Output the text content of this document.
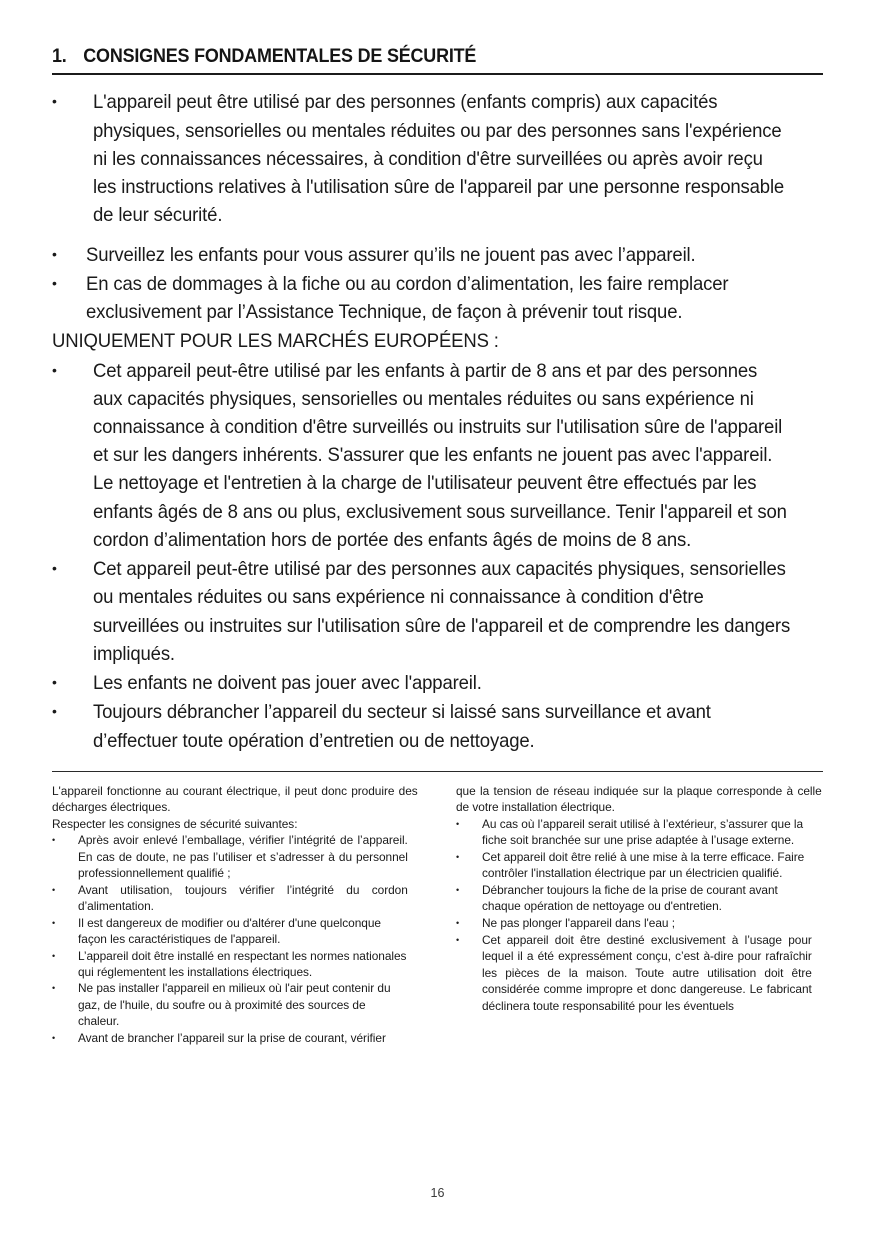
1. CONSIGNES FONDAMENTALES DE SÉCURITÉ
•	L'appareil peut être utilisé par des personnes (enfants compris) aux capacités physiques, sensorielles ou mentales réduites ou par des personnes sans l'expérience ni les connaissances nécessaires, à condition d'être surveillées ou après avoir reçu les instructions relatives à l'utilisation sûre de l'appareil par une personne responsable de leur sécurité.
•	Surveillez les enfants pour vous assurer qu’ils ne jouent pas avec l’appareil.
•	En cas de dommages à la fiche ou au cordon d’alimentation, les faire remplacer exclusivement par l’Assistance Technique, de façon à prévenir tout risque.
UNIQUEMENT POUR LES MARCHÉS EUROPÉENS :
•	Cet appareil peut-être utilisé par les enfants à partir de 8 ans et par des personnes aux capacités physiques, sensorielles ou mentales réduites ou sans expérience ni connaissance à condition d'être surveillés ou instruits sur l'utilisation sûre de l'appareil et sur les dangers inhérents. S'assurer que les enfants ne jouent pas avec l'appareil. Le nettoyage et l'entretien à la charge de l'utilisateur peuvent être effectués par les enfants âgés de 8 ans ou plus, exclusivement sous surveillance. Tenir l'appareil et son cordon d’alimentation hors de portée des enfants âgés de moins de 8 ans.
•	Cet appareil peut-être utilisé par des personnes aux capacités physiques, sensorielles ou mentales réduites ou sans expérience ni connaissance à condition d'être surveillées ou instruites sur l'utilisation sûre de l'appareil et de comprendre les dangers impliqués.
•	Les enfants ne doivent pas jouer avec l'appareil.
•	Toujours débrancher l’appareil du secteur si laissé sans surveillance et avant d’effectuer toute opération d’entretien ou de nettoyage.

L'appareil fonctionne au courant électrique, il peut donc produire des décharges électriques.

Respecter les consignes de sécurité suivantes:

•	Après avoir enlevé l’emballage, vérifier l’intégrité de l’appareil. En cas de doute, ne pas l’utiliser et s’adresser à du personnel professionnellement qualifié ;
•	Avant utilisation, toujours vérifier l’intégrité du cordon d’alimentation.
•	Il est dangereux de modifier ou d'altérer d'une quelconque façon les caractéristiques de l'appareil.
•	L’appareil doit être installé en respectant les normes nationales qui réglementent les installations électriques.
•	Ne pas installer l'appareil en milieux où l'air peut contenir du gaz, de l'huile, du soufre ou à proximité des sources de chaleur.
•	Avant de brancher l’appareil sur la prise de courant, vérifier

que la tension de réseau indiquée sur la plaque corresponde à celle de votre installation électrique.

•	Au cas où l’appareil serait utilisé à l’extérieur, s’assurer que la fiche soit branchée sur une prise adaptée à l’usage externe.
•	Cet appareil doit être relié à une mise à la terre efficace. Faire contrôler l'installation électrique par un électricien qualifié.
•	Débrancher toujours la fiche de la prise de courant avant chaque opération de nettoyage ou d'entretien.
•	Ne pas plonger l'appareil dans l'eau ;
•	Cet appareil doit être destiné exclusivement à l’usage pour lequel il a été expressément conçu, c’est à-dire pour rafraîchir les pièces de la maison. Toute autre utilisation doit être considérée comme impropre et donc dangereuse. Le fabricant déclinera toute responsabilité pour les éventuels
16
